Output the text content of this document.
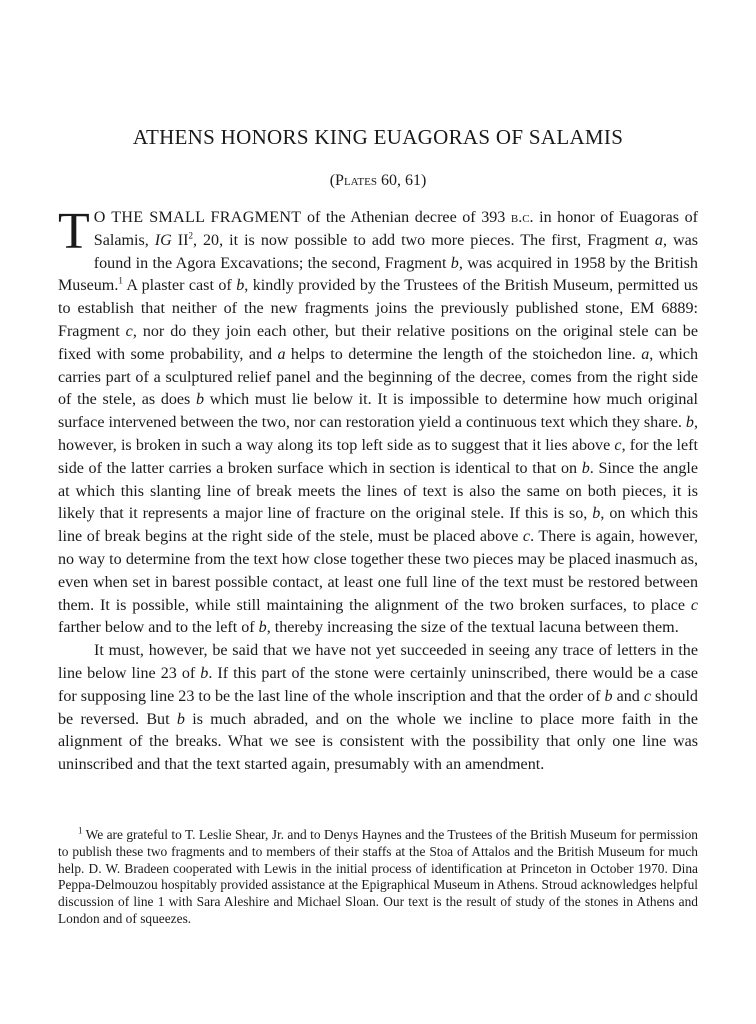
ATHENS HONORS KING EUAGORAS OF SALAMIS
(Plates 60, 61)

T O THE SMALL FRAGMENT of the Athenian decree of 393 b.c. in honor of Euagoras of Salamis, IG $II^2$, 20, it is now possible to add two more pieces. The first, Fragment a, was found in the Agora Excavations; the second, Fragment b, was acquired in 1958 by the British Museum.$^1$ A plaster cast of b, kindly provided by the Trustees of the British Museum, permitted us to establish that neither of the new fragments joins the previously published stone, EM 6889: Fragment c, nor do they join each other, but their relative positions on the original stele can be fixed with some probability, and a helps to determine the length of the stoichedon line. a, which carries part of a sculptured relief panel and the beginning of the decree, comes from the right side of the stele, as does b which must lie below it. It is impossible to determine how much original surface intervened between the two, nor can restoration yield a continuous text which they share. b, however, is broken in such a way along its top left side as to suggest that it lies above c, for the left side of the latter carries a broken surface which in section is identical to that on b. Since the angle at which this slanting line of break meets the lines of text is also the same on both pieces, it is likely that it represents a major line of fracture on the original stele. If this is so, b, on which this line of break begins at the right side of the stele, must be placed above c. There is again, however, no way to determine from the text how close together these two pieces may be placed inasmuch as, even when set in barest possible contact, at least one full line of the text must be restored between them. It is possible, while still maintaining the alignment of the two broken surfaces, to place c farther below and to the left of b, thereby increasing the size of the textual lacuna between them.

It must, however, be said that we have not yet succeeded in seeing any trace of letters in the line below line 23 of b. If this part of the stone were certainly uninscribed, there would be a case for supposing line 23 to be the last line of the whole inscription and that the order of b and c should be reversed. But b is much abraded, and on the whole we incline to place more faith in the alignment of the breaks. What we see is consistent with the possibility that only one line was uninscribed and that the text started again, presumably with an amendment.

$^1$ We are grateful to T. Leslie Shear, Jr. and to Denys Haynes and the Trustees of the British Museum for permission to publish these two fragments and to members of their staffs at the Stoa of Attalos and the British Museum for much help. D. W. Bradeen cooperated with Lewis in the initial process of identification at Princeton in October 1970. Dina Peppa-Delmouzou hospitably provided assistance at the Epigraphical Museum in Athens. Stroud acknowledges helpful discussion of line 1 with Sara Aleshire and Michael Sloan. Our text is the result of study of the stones in Athens and London and of squeezes.
